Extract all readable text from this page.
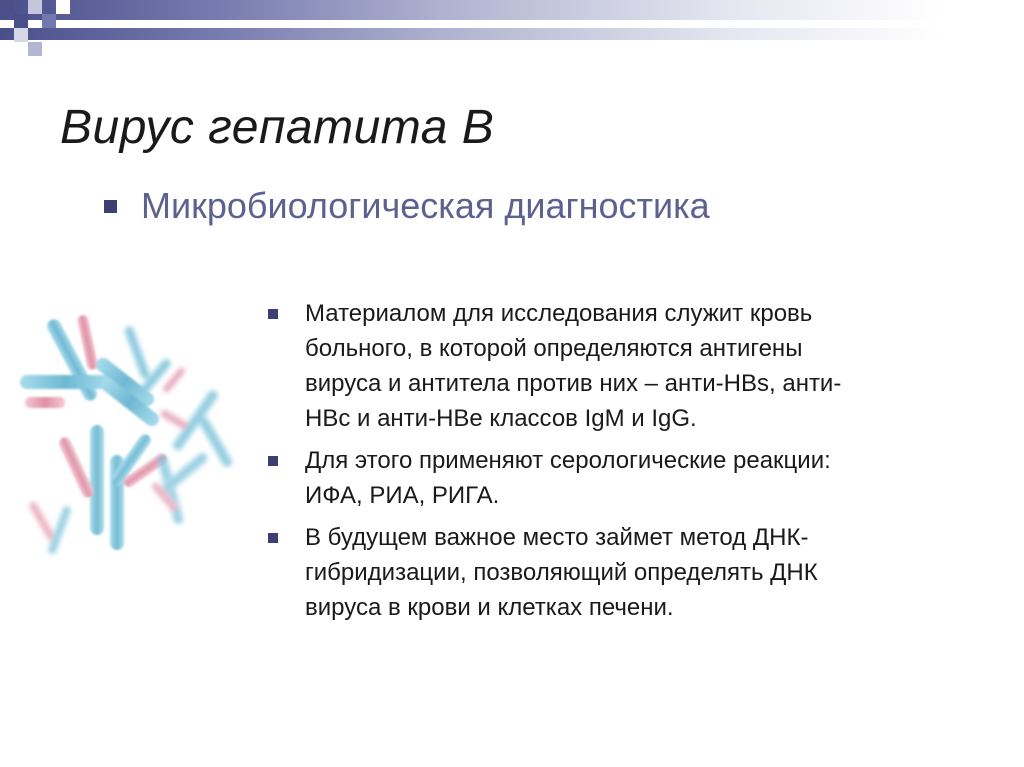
Вирус гепатита В
Микробиологическая диагностика
Материалом для исследования служит кровь
больного, в которой определяются антигены
вируса и антитела против них – анти-НВs, анти-
НВс и анти-НВе классов IgM и IgG.
Для этого применяют серологические реакции:
ИФА, РИА, РИГА.
В будущем важное место займет метод ДНК-
гибридизации, позволяющий определять ДНК
вируса в крови и клетках печени.
